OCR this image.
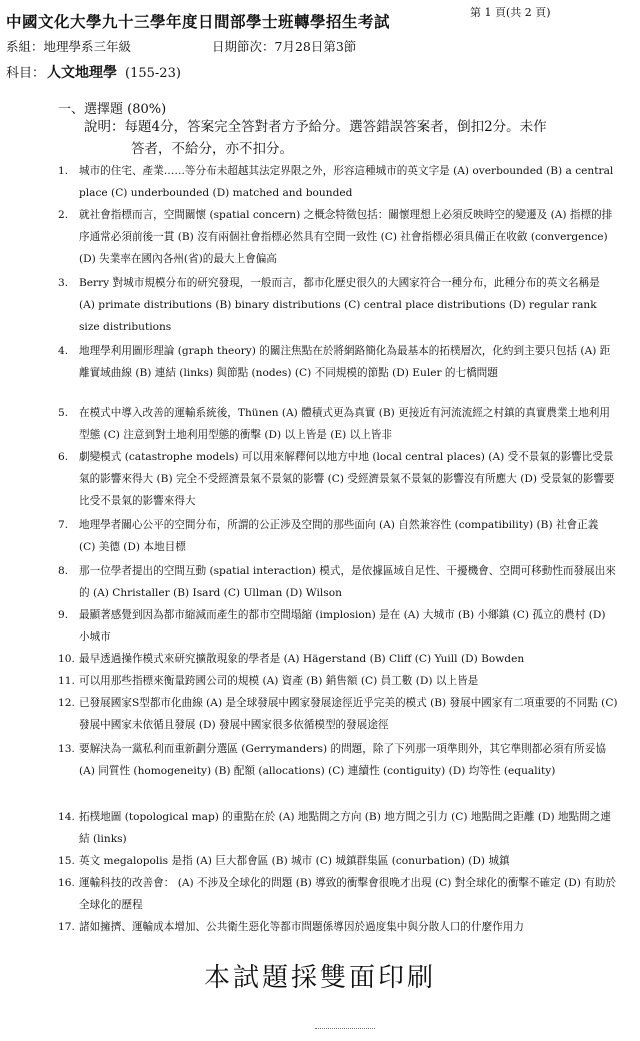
中國文化大學九十三學年度日間部學士班轉學招生考試	第 1 頁(共 2 頁)
系組：地理學系三年級	日期節次：7月28日第3節
科目： 人文地理學 (155-23)
一、選擇題 (80%)
說明：每題4分，答案完全答對者方予給分。選答錯誤答案者，倒扣2分。未作
答者，不給分，亦不扣分。
1.	城市的住宅、產業……等分布未超越其法定界限之外，形容這種城市的英文字是 (A) overbounded (B) a central place (C) underbounded (D) matched and bounded
2.	就社會指標而言，空間關懷 (spatial concern) 之概念特徵包括：關懷理想上必須反映時空的變遷及 (A) 指標的排序通常必須前後一貫 (B) 沒有兩個社會指標必然具有空間一致性 (C) 社會指標必須具備正在收斂 (convergence) (D) 失業率在國內各州(省)的最大上會偏高
3.	Berry 對城市規模分布的研究發現，一般而言，都市化歷史很久的大國家符合一種分布，此種分布的英文名稱是 (A) primate distributions (B) binary distributions (C) central place distributions (D) regular rank size distributions
4.	地理學利用圖形理論 (graph theory) 的關注焦點在於將網路簡化為最基本的拓樸層次，化約到主要只包括 (A) 距離實域曲線 (B) 連結 (links) 與節點 (nodes) (C) 不同規模的節點 (D) Euler 的七橋問題
5.	在模式中導入改善的運輸系統後，Thünen (A) 體積式更為真實 (B) 更接近有河流流經之村鎮的真實農業土地利用型態 (C) 注意到對土地利用型態的衝擊 (D) 以上皆是 (E) 以上皆非
6.	劇變模式 (catastrophe models) 可以用來解釋何以地方中地 (local central places) (A) 受不景氣的影響比受景氣的影響來得大 (B) 完全不受經濟景氣不景氣的影響 (C) 受經濟景氣不景氣的影響沒有所應大 (D) 受景氣的影響要比受不景氣的影響來得大
7.	地理學者關心公平的空間分布，所謂的公正涉及空間的那些面向 (A) 自然兼容性 (compatibility) (B) 社會正義 (C) 美德 (D) 本地目標
8.	那一位學者提出的空間互動 (spatial interaction) 模式，是依據區域自足性、干擾機會、空間可移動性而發展出來的 (A) Christaller (B) Isard (C) Ullman (D) Wilson
9.	最顯著感覺到因為都市縮減而產生的都市空間塌縮 (implosion) 是在 (A) 大城市 (B) 小鄉鎮 (C) 孤立的農村 (D) 小城市
10. 最早透過操作模式來研究擴散現象的學者是 (A) Hägerstand (B) Cliff (C) Yuill (D) Bowden
11. 可以用那些指標來衡量跨國公司的規模 (A) 資產 (B) 銷售額 (C) 員工數 (D) 以上皆是
12. 已發展國家S型都市化曲線 (A) 是全球發展中國家發展途徑近乎完美的模式 (B) 發展中國家有二項重要的不同點 (C) 發展中國家未依循且發展 (D) 發展中國家很多依循模型的發展途徑
13. 要解決為一黨私利而重新劃分選區 (Gerrymanders) 的問題，除了下列那一項準則外，其它準則都必須有所妥協 (A) 同質性 (homogeneity) (B) 配額 (allocations) (C) 連續性 (contiguity) (D) 均等性 (equality)
14. 拓樸地圖 (topological map) 的重點在於 (A) 地點間之方向 (B) 地方間之引力 (C) 地點間之距離 (D) 地點間之連結 (links)
15. 英文 megalopolis 是指 (A) 巨大都會區 (B) 城市 (C) 城鎮群集區 (conurbation) (D) 城鎮
16. 運輸科技的改善會： (A) 不涉及全球化的問題 (B) 導致的衝擊會很晚才出現 (C) 對全球化的衝擊不確定 (D) 有助於全球化的歷程
17. 諸如擁擠、運輸成本增加、公共衛生惡化等都市問題係導因於過度集中與分散人口的什麼作用力
本試題採雙面印刷
